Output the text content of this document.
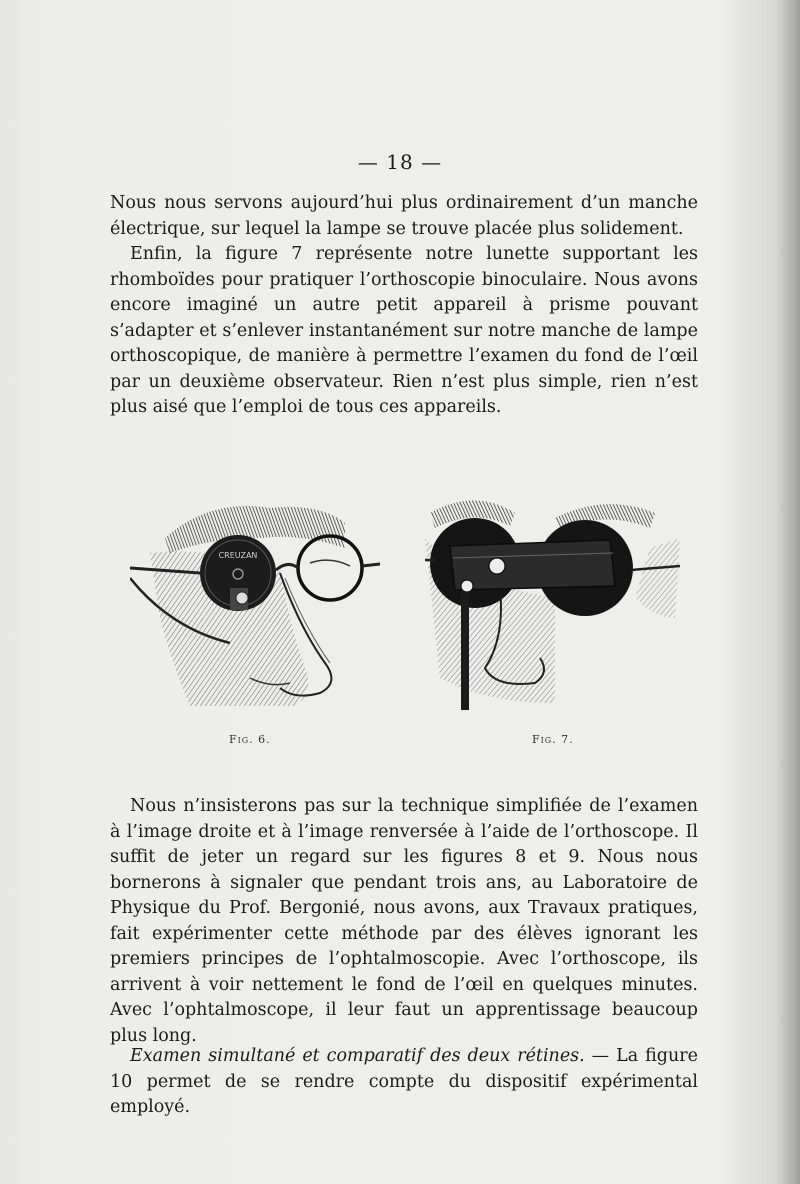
— 18 —

Nous nous servons aujourd’hui plus ordinairement d’un manche électrique, sur lequel la lampe se trouve placée plus solidement.
Enfin, la figure 7 représente notre lunette supportant les rhomboïdes pour pratiquer l’orthoscopie binoculaire. Nous avons encore imaginé un autre petit appareil à prisme pouvant s’adapter et s’enlever instantanément sur notre manche de lampe orthoscopique, de manière à permettre l’examen du fond de l’œil par un deuxième observateur. Rien n’est plus simple, rien n’est plus aisé que l’emploi de tous ces appareils.

CREUZAN
Fig. 6.	Fig. 7.

Nous n’insisterons pas sur la technique simplifiée de l’examen à l’image droite et à l’image renversée à l’aide de l’orthoscope. Il suffit de jeter un regard sur les figures 8 et 9. Nous nous bornerons à signaler que pendant trois ans, au Laboratoire de Physique du Prof. Bergonié, nous avons, aux Travaux pratiques, fait expérimenter cette méthode par des élèves ignorant les premiers principes de l’ophtalmoscopie. Avec l’orthoscope, ils arrivent à voir nettement le fond de l’œil en quelques minutes. Avec l’ophtalmoscope, il leur faut un apprentissage beaucoup plus long.

Examen simultané et comparatif des deux rétines. — La figure 10 permet de se rendre compte du dispositif expérimental employé.
